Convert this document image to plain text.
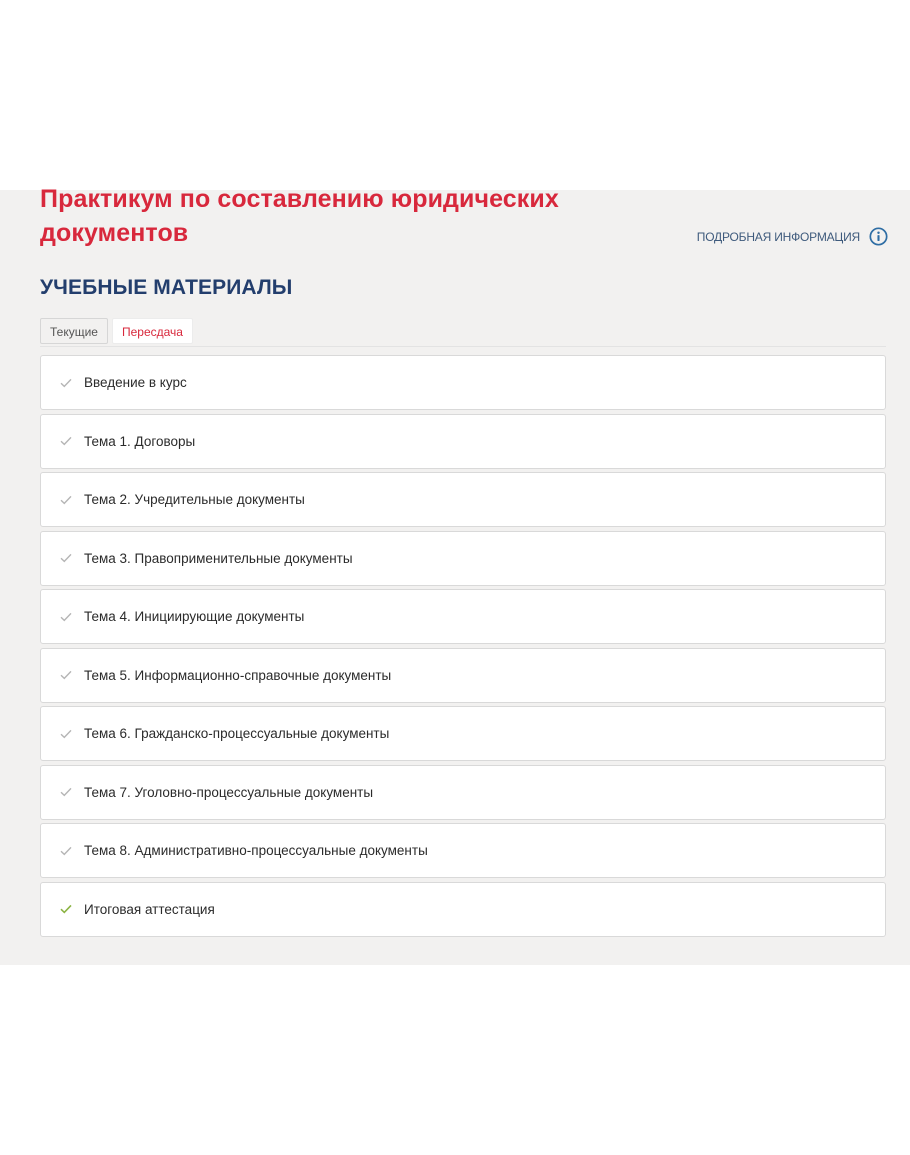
Практикум по составлению юридических документов	ПОДРОБНАЯ ИНФОРМАЦИЯ
УЧЕБНЫЕ МАТЕРИАЛЫ
Текущие	Пересдача
Введение в курс
Тема 1. Договоры
Тема 2. Учредительные документы
Тема 3. Правоприменительные документы
Тема 4. Инициирующие документы
Тема 5. Информационно-справочные документы
Тема 6. Гражданско-процессуальные документы
Тема 7. Уголовно-процессуальные документы
Тема 8. Административно-процессуальные документы
Итоговая аттестация
